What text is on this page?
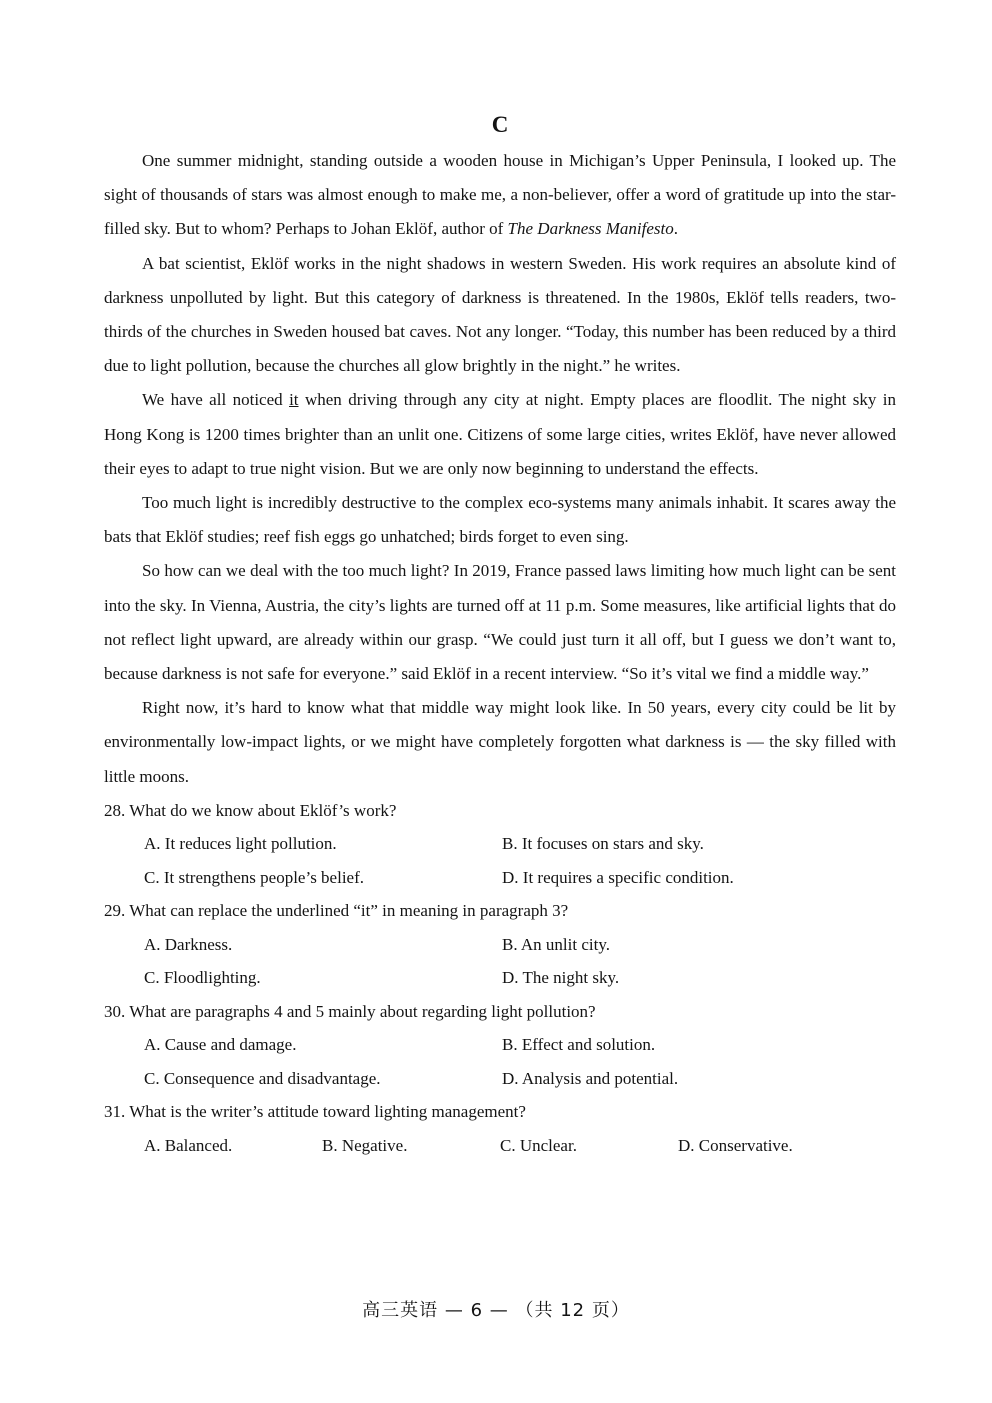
C

One summer midnight, standing outside a wooden house in Michigan’s Upper Peninsula, I looked up. The sight of thousands of stars was almost enough to make me, a non-believer, offer a word of gratitude up into the star-filled sky. But to whom? Perhaps to Johan Eklöf, author of The Darkness Manifesto.

A bat scientist, Eklöf works in the night shadows in western Sweden. His work requires an absolute kind of darkness unpolluted by light. But this category of darkness is threatened. In the 1980s, Eklöf tells readers, two-thirds of the churches in Sweden housed bat caves. Not any longer. “Today, this number has been reduced by a third due to light pollution, because the churches all glow brightly in the night.” he writes.

We have all noticed it when driving through any city at night. Empty places are floodlit. The night sky in Hong Kong is 1200 times brighter than an unlit one. Citizens of some large cities, writes Eklöf, have never allowed their eyes to adapt to true night vision. But we are only now beginning to understand the effects.

Too much light is incredibly destructive to the complex eco-systems many animals inhabit. It scares away the bats that Eklöf studies; reef fish eggs go unhatched; birds forget to even sing.

So how can we deal with the too much light? In 2019, France passed laws limiting how much light can be sent into the sky. In Vienna, Austria, the city’s lights are turned off at 11 p.m. Some measures, like artificial lights that do not reflect light upward, are already within our grasp. “We could just turn it all off, but I guess we don’t want to, because darkness is not safe for everyone.” said Eklöf in a recent interview. “So it’s vital we find a middle way.”

Right now, it’s hard to know what that middle way might look like. In 50 years, every city could be lit by environmentally low-impact lights, or we might have completely forgotten what darkness is — the sky filled with little moons.

28. What do we know about Eklöf’s work?

A. It reduces light pollution.	B. It focuses on stars and sky.
C. It strengthens people’s belief.	D. It requires a specific condition.

29. What can replace the underlined “it” in meaning in paragraph 3?

A. Darkness.	B. An unlit city.
C. Floodlighting.	D. The night sky.

30. What are paragraphs 4 and 5 mainly about regarding light pollution?

A. Cause and damage.	B. Effect and solution.
C. Consequence and disadvantage.	D. Analysis and potential.

31. What is the writer’s attitude toward lighting management?

A. Balanced.	B. Negative.	C. Unclear.	D. Conservative.
高三英语 — 6 — （共 12 页）
